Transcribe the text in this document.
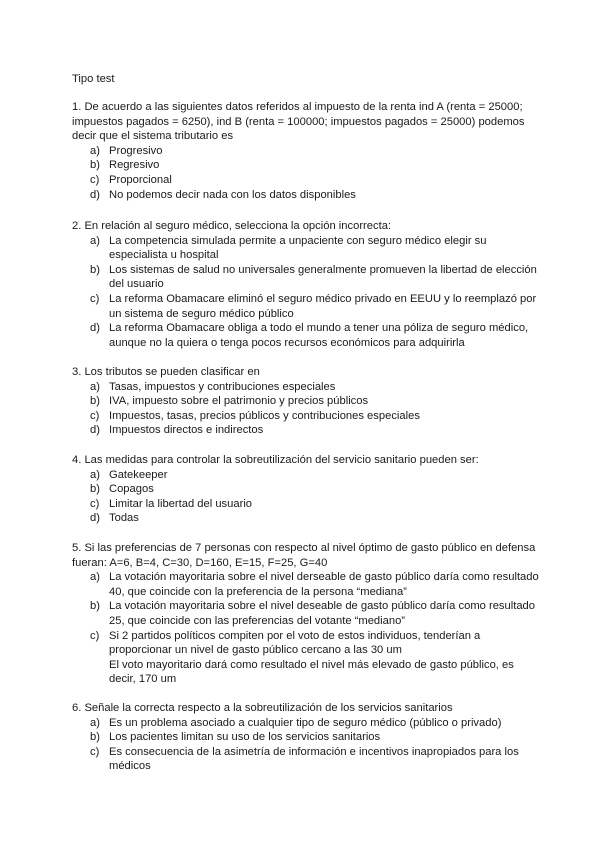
Tipo test

1. De acuerdo a las siguientes datos referidos al impuesto de la renta ind A (renta = 25000; impuestos pagados = 6250), ind B (renta = 100000; impuestos pagados = 25000) podemos decir que el sistema tributario es

a) Progresivo
b) Regresivo
c) Proporcional
d) No podemos decir nada con los datos disponibles

2. En relación al seguro médico, selecciona la opción incorrecta:

a) La competencia simulada permite a unpaciente con seguro médico elegir su especialista u hospital
b) Los sistemas de salud no universales generalmente promueven la libertad de elección del usuario
c) La reforma Obamacare eliminó el seguro médico privado en EEUU y lo reemplazó por un sistema de seguro médico público
d) La reforma Obamacare obliga a todo el mundo a tener una póliza de seguro médico, aunque no la quiera o tenga pocos recursos económicos para adquirirla

3. Los tributos se pueden clasificar en

a) Tasas, impuestos y contribuciones especiales
b) IVA, impuesto sobre el patrimonio y precios públicos
c) Impuestos, tasas, precios públicos y contribuciones especiales
d) Impuestos directos e indirectos

4. Las medidas para controlar la sobreutilización del servicio sanitario pueden ser:

a) Gatekeeper
b) Copagos
c) Limitar la libertad del usuario
d) Todas

5. Si las preferencias de 7 personas con respecto al nivel óptimo de gasto público en defensa fueran: A=6, B=4, C=30, D=160, E=15, F=25, G=40

a) La votación mayoritaria sobre el nivel derseable de gasto público daría como resultado 40, que coincide con la preferencia de la persona “mediana”
b) La votación mayoritaria sobre el nivel deseable de gasto público daría como resultado 25, que coincide con las preferencias del votante “mediano”
c) Si 2 partidos políticos compiten por el voto de estos individuos, tenderían a proporcionar un nivel de gasto público cercano a las 30 um
El voto mayoritario dará como resultado el nivel más elevado de gasto público, es decir, 170 um

6. Señale la correcta respecto a la sobreutilización de los servicios sanitarios

a) Es un problema asociado a cualquier tipo de seguro médico (público o privado)
b) Los pacientes limitan su uso de los servicios sanitarios
c) Es consecuencia de la asimetría de información e incentivos inapropiados para los médicos
